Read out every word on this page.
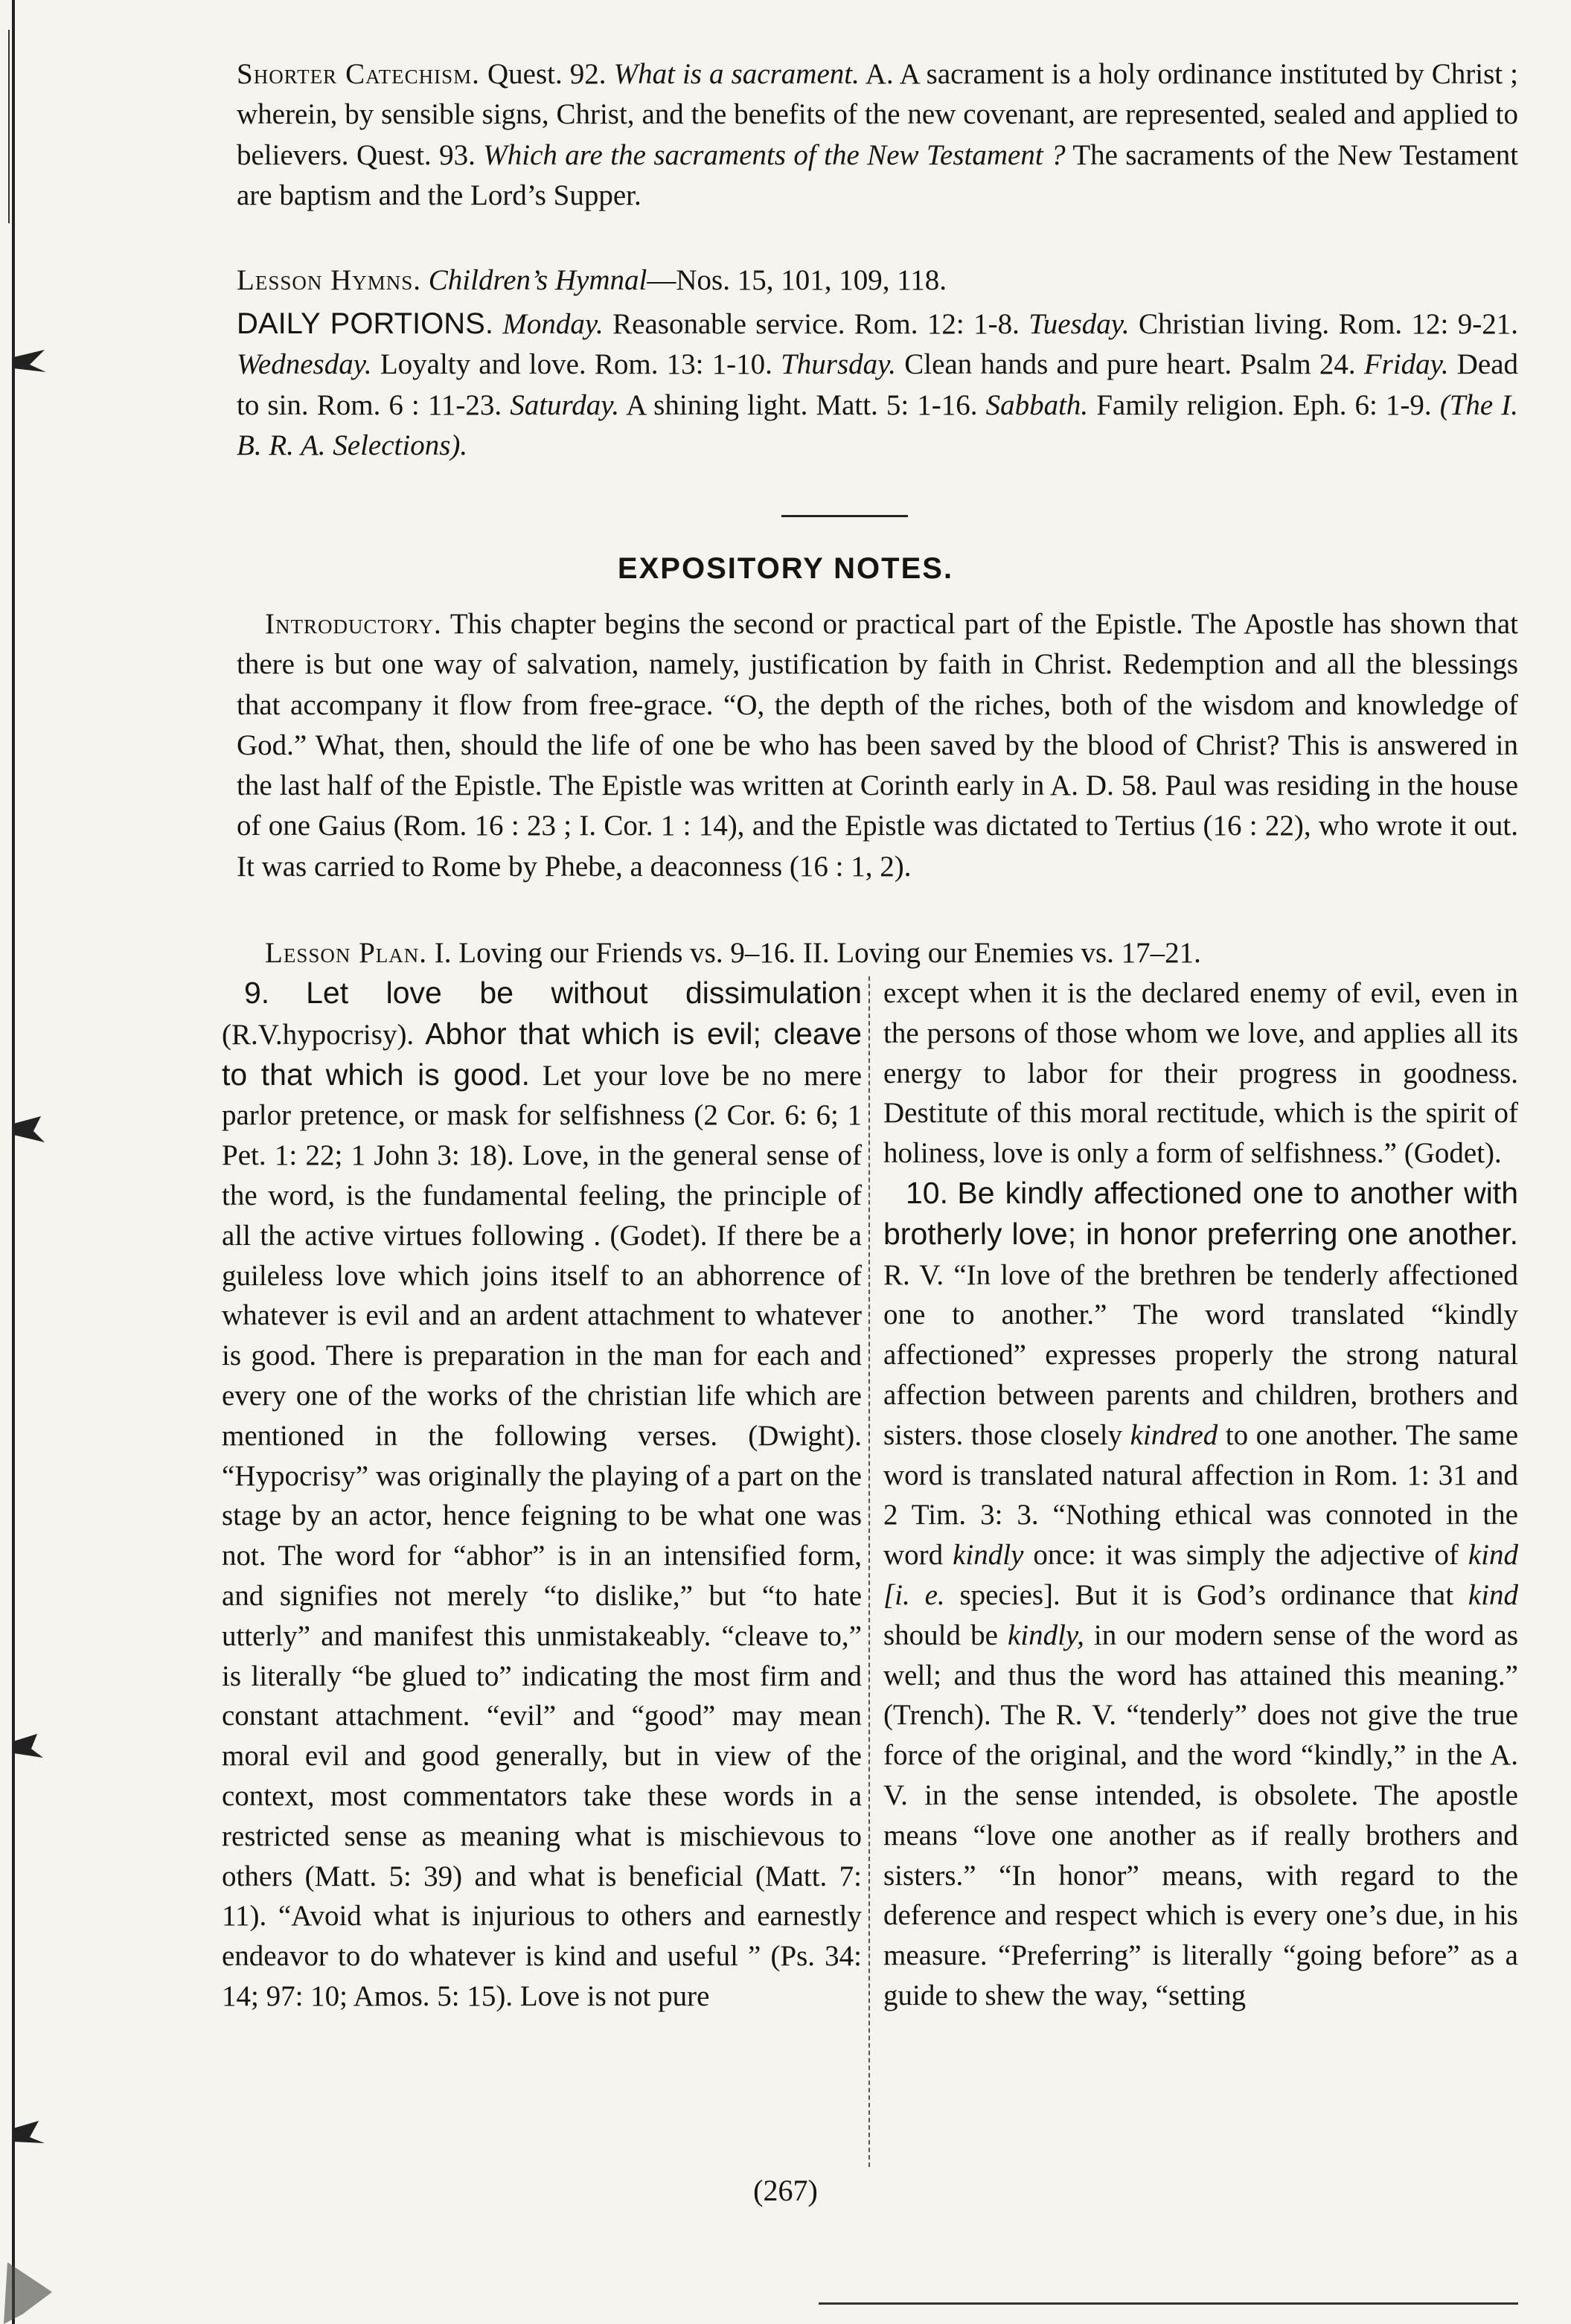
Shorter Catechism. Quest. 92. What is a sacrament. A. A sacrament is a holy ordinance instituted by Christ ; wherein, by sensible signs, Christ, and the benefits of the new covenant, are represented, sealed and applied to believers. Quest. 93. Which are the sacraments of the New Testament ? The sacraments of the New Testament are baptism and the Lord’s Supper.

Lesson Hymns. Children’s Hymnal—Nos. 15, 101, 109, 118.

DAILY PORTIONS. Monday. Reasonable service. Rom. 12: 1-8. Tuesday. Christian living. Rom. 12: 9-21. Wednesday. Loyalty and love. Rom. 13: 1-10. Thursday. Clean hands and pure heart. Psalm 24. Friday. Dead to sin. Rom. 6 : 11-23. Saturday. A shining light. Matt. 5: 1-16. Sabbath. Family religion. Eph. 6: 1-9. (The I. B. R. A. Selections).

EXPOSITORY NOTES.

Introductory. This chapter begins the second or practical part of the Epistle. The Apostle has shown that there is but one way of salvation, namely, justification by faith in Christ. Redemption and all the blessings that accompany it flow from free-grace. “O, the depth of the riches, both of the wisdom and knowledge of God.” What, then, should the life of one be who has been saved by the blood of Christ? This is answered in the last half of the Epistle. The Epistle was written at Corinth early in A. D. 58. Paul was residing in the house of one Gaius (Rom. 16 : 23 ; I. Cor. 1 : 14), and the Epistle was dictated to Tertius (16 : 22), who wrote it out. It was carried to Rome by Phebe, a deaconness (16 : 1, 2).

Lesson Plan. I. Loving our Friends vs. 9–16. II. Loving our Enemies vs. 17–21.

9. Let love be without dissimulation (R.V.hypocrisy). Abhor that which is evil; cleave to that which is good. Let your love be no mere parlor pretence, or mask for selfishness (2 Cor. 6: 6; 1 Pet. 1: 22; 1 John 3: 18). Love, in the general sense of the word, is the fundamental feeling, the principle of all the active virtues following . (Godet). If there be a guileless love which joins itself to an abhorrence of whatever is evil and an ardent attachment to whatever is good. There is preparation in the man for each and every one of the works of the christian life which are mentioned in the following verses. (Dwight). “Hypocrisy” was originally the playing of a part on the stage by an actor, hence feigning to be what one was not. The word for “abhor” is in an intensified form, and signifies not merely “to dislike,” but “to hate utterly” and manifest this unmistakeably. “cleave to,” is literally “be glued to” indicating the most firm and constant attachment. “evil” and “good” may mean moral evil and good generally, but in view of the context, most commentators take these words in a restricted sense as meaning what is mischievous to others (Matt. 5: 39) and what is beneficial (Matt. 7: 11). “Avoid what is injurious to others and earnestly endeavor to do whatever is kind and useful ” (Ps. 34: 14; 97: 10; Amos. 5: 15). Love is not pure

except when it is the declared enemy of evil, even in the persons of those whom we love, and applies all its energy to labor for their progress in goodness. Destitute of this moral rectitude, which is the spirit of holiness, love is only a form of selfishness.” (Godet).

10. Be kindly affectioned one to another with brotherly love; in honor preferring one another. R. V. “In love of the brethren be tenderly affectioned one to another.” The word translated “kindly affectioned” expresses properly the strong natural affection between parents and children, brothers and sisters. those closely kindred to one another. The same word is translated natural affection in Rom. 1: 31 and 2 Tim. 3: 3. “Nothing ethical was connoted in the word kindly once: it was simply the adjective of kind [i. e. species]. But it is God’s ordinance that kind should be kindly, in our modern sense of the word as well; and thus the word has attained this meaning.” (Trench). The R. V. “tenderly” does not give the true force of the original, and the word “kindly,” in the A. V. in the sense intended, is obsolete. The apostle means “love one another as if really brothers and sisters.” “In honor” means, with regard to the deference and respect which is every one’s due, in his measure. “Preferring” is literally “going before” as a guide to shew the way, “setting

(267)
